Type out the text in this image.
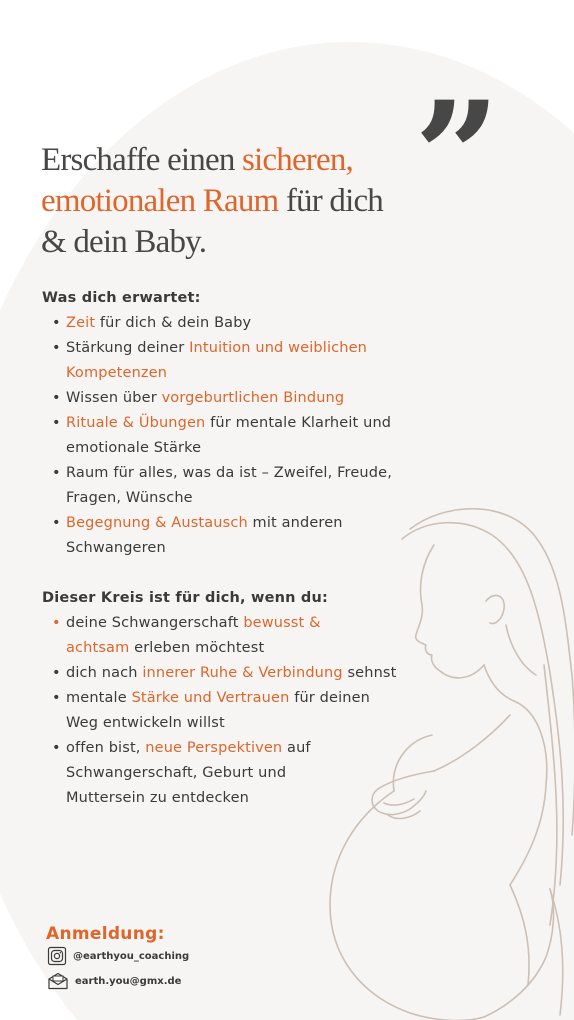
”
Erschaffe einen sicheren,
emotionalen Raum für dich
& dein Baby.
Was dich erwartet:
• Zeit für dich & dein Baby
• Stärkung deiner Intuition und weiblichen Kompetenzen
• Wissen über vorgeburtlichen Bindung
• Rituale & Übungen für mentale Klarheit und emotionale Stärke
• Raum für alles, was da ist – Zweifel, Freude, Fragen, Wünsche
• Begegnung & Austausch mit anderen Schwangeren
Dieser Kreis ist für dich, wenn du:
• deine Schwangerschaft bewusst & achtsam erleben möchtest
• dich nach innerer Ruhe & Verbindung sehnst
• mentale Stärke und Vertrauen für deinen Weg entwickeln willst
• offen bist, neue Perspektiven auf Schwangerschaft, Geburt und Muttersein zu entdecken
Anmeldung:
@earthyou_coaching
earth.you@gmx.de
